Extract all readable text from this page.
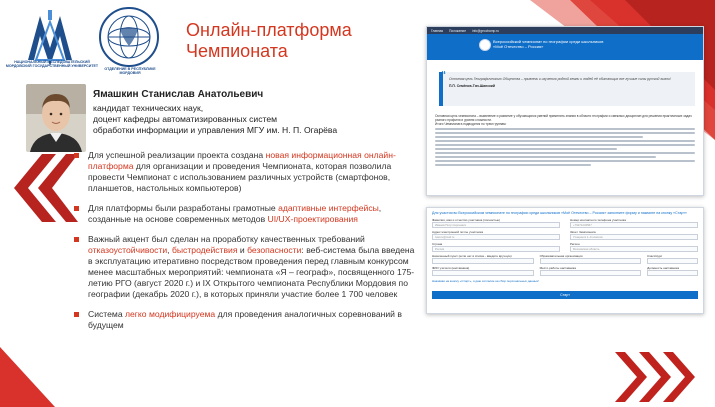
НАЦИОНАЛЬНЫЙ ИССЛЕДОВАТЕЛЬСКИЙ МОРДОВСКИЙ ГОСУДАРСТВЕННЫЙ УНИВЕРСИТЕТ
ОТДЕЛЕНИЕ В РЕСПУБЛИКЕ МОРДОВИЯ
Онлайн-платформа
Чемпионата
Ямашкин Станислав Анатольевич
кандидат технических наук,
доцент кафедры автоматизированных систем
обработки информации и управления МГУ им. Н. П. Огарёва
Для успешной реализации проекта создана новая информационная онлайн-платформа для организации и проведения Чемпионата, которая позволила провести Чемпионат с использованием различных устройств (смартфонов, планшетов, настольных компьютеров)
Для платформы были разработаны грамотные адаптивные интерфейсы, созданные на основе современных методов UI/UX-проектирования
Важный акцент был сделан на проработку качественных требований отказоустойчивости, быстродействия и безопасности: веб-система была введена в эксплуатацию итеративно посредством проведения перед главным конкурсом менее масштабных мероприятий: чемпионата «Я – географ», посвященного 175-летию РГО (август 2020 г.) и IX Открытого чемпионата Республики Мордовия по географии (декабрь 2020 г.), в которых приняли участие более 1 700 человек
Система легко модифицируема для проведения аналогичных соревнований в будущем
Главная Положение info@geochamp.ru
Всероссийский чемпионат по географии среди школьников «Моё Отечество – Россия»
“ Основная цель Географического Общества – привлечь к изучению родной земли и людей её обитающих все лучшие силы русской жизни!
П.П. Семёнов-Тян-Шанский
Основная цель чемпионата – выявление и развитие у обучающихся умений применять знания в области географии и смежных дисциплин для решения практических задач разного профиля и уровня сложности.
Итоги Чемпионата подводятся по трем группам:
Для участия во Всероссийском чемпионате по географии среди школьников «Моё Отечество – Россия» заполните форму и нажмите на кнопку «Старт»
Фамилия, имя и отчество участника (полностью)
Иванов Петр Сергеевич
Номер контактного телефона участника
+79271234567
Адрес электронной почты участника
ivanov@mail.ru
Зачет Чемпионата
Учащиеся 1–9 классов
Страна
Россия
Регион
Московская область
Населенный пункт (если нет в списке - введите вручную)	Образовательная организация	Класс/курс
ФИО учителя (наставника)	Место работы наставника	Должность наставника
Нажимая на кнопку «Старт», я даю согласие на сбор персональных данных!
Старт
